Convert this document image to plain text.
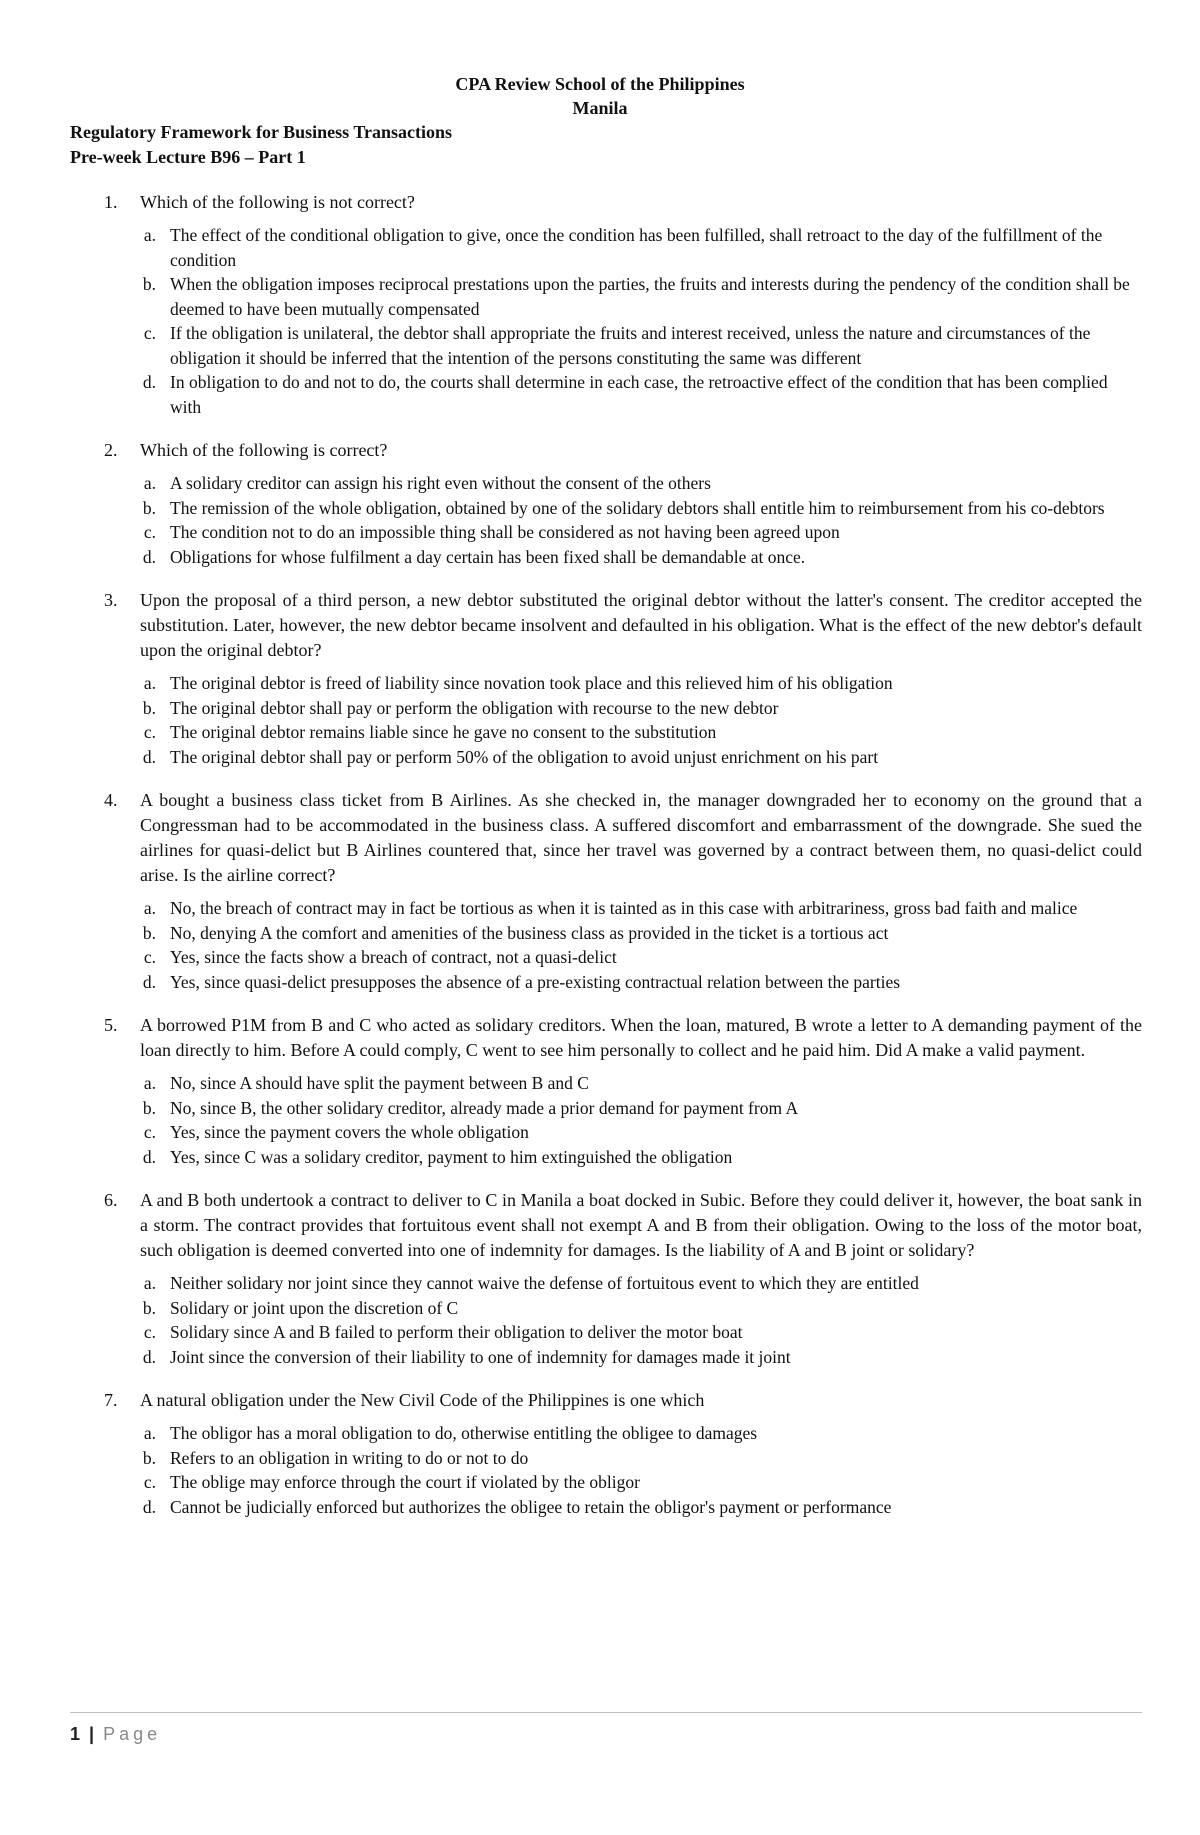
CPA Review School of the Philippines
Manila
Regulatory Framework for Business Transactions
Pre-week Lecture B96 – Part 1
1.	Which of the following is not correct?
a. The effect of the conditional obligation to give, once the condition has been fulfilled, shall retroact to the day of the fulfillment of the condition
b. When the obligation imposes reciprocal prestations upon the parties, the fruits and interests during the pendency of the condition shall be deemed to have been mutually compensated
c. If the obligation is unilateral, the debtor shall appropriate the fruits and interest received, unless the nature and circumstances of the obligation it should be inferred that the intention of the persons constituting the same was different
d. In obligation to do and not to do, the courts shall determine in each case, the retroactive effect of the condition that has been complied with
2.	Which of the following is correct?
a. A solidary creditor can assign his right even without the consent of the others
b. The remission of the whole obligation, obtained by one of the solidary debtors shall entitle him to reimbursement from his co-debtors
c. The condition not to do an impossible thing shall be considered as not having been agreed upon
d. Obligations for whose fulfilment a day certain has been fixed shall be demandable at once.
3.	Upon the proposal of a third person, a new debtor substituted the original debtor without the latter's consent. The creditor accepted the substitution. Later, however, the new debtor became insolvent and defaulted in his obligation. What is the effect of the new debtor's default upon the original debtor?
a. The original debtor is freed of liability since novation took place and this relieved him of his obligation
b. The original debtor shall pay or perform the obligation with recourse to the new debtor
c. The original debtor remains liable since he gave no consent to the substitution
d. The original debtor shall pay or perform 50% of the obligation to avoid unjust enrichment on his part
4.	A bought a business class ticket from B Airlines. As she checked in, the manager downgraded her to economy on the ground that a Congressman had to be accommodated in the business class. A suffered discomfort and embarrassment of the downgrade. She sued the airlines for quasi-delict but B Airlines countered that, since her travel was governed by a contract between them, no quasi-delict could arise. Is the airline correct?
a. No, the breach of contract may in fact be tortious as when it is tainted as in this case with arbitrariness, gross bad faith and malice
b. No, denying A the comfort and amenities of the business class as provided in the ticket is a tortious act
c. Yes, since the facts show a breach of contract, not a quasi-delict
d. Yes, since quasi-delict presupposes the absence of a pre-existing contractual relation between the parties
5.	A borrowed P1M from B and C who acted as solidary creditors. When the loan, matured, B wrote a letter to A demanding payment of the loan directly to him. Before A could comply, C went to see him personally to collect and he paid him. Did A make a valid payment.
a. No, since A should have split the payment between B and C
b. No, since B, the other solidary creditor, already made a prior demand for payment from A
c. Yes, since the payment covers the whole obligation
d. Yes, since C was a solidary creditor, payment to him extinguished the obligation
6.	A and B both undertook a contract to deliver to C in Manila a boat docked in Subic. Before they could deliver it, however, the boat sank in a storm. The contract provides that fortuitous event shall not exempt A and B from their obligation. Owing to the loss of the motor boat, such obligation is deemed converted into one of indemnity for damages. Is the liability of A and B joint or solidary?
a. Neither solidary nor joint since they cannot waive the defense of fortuitous event to which they are entitled
b. Solidary or joint upon the discretion of C
c. Solidary since A and B failed to perform their obligation to deliver the motor boat
d. Joint since the conversion of their liability to one of indemnity for damages made it joint
7.	A natural obligation under the New Civil Code of the Philippines is one which
a. The obligor has a moral obligation to do, otherwise entitling the obligee to damages
b. Refers to an obligation in writing to do or not to do
c. The oblige may enforce through the court if violated by the obligor
d. Cannot be judicially enforced but authorizes the obligee to retain the obligor's payment or performance
1 | Page
